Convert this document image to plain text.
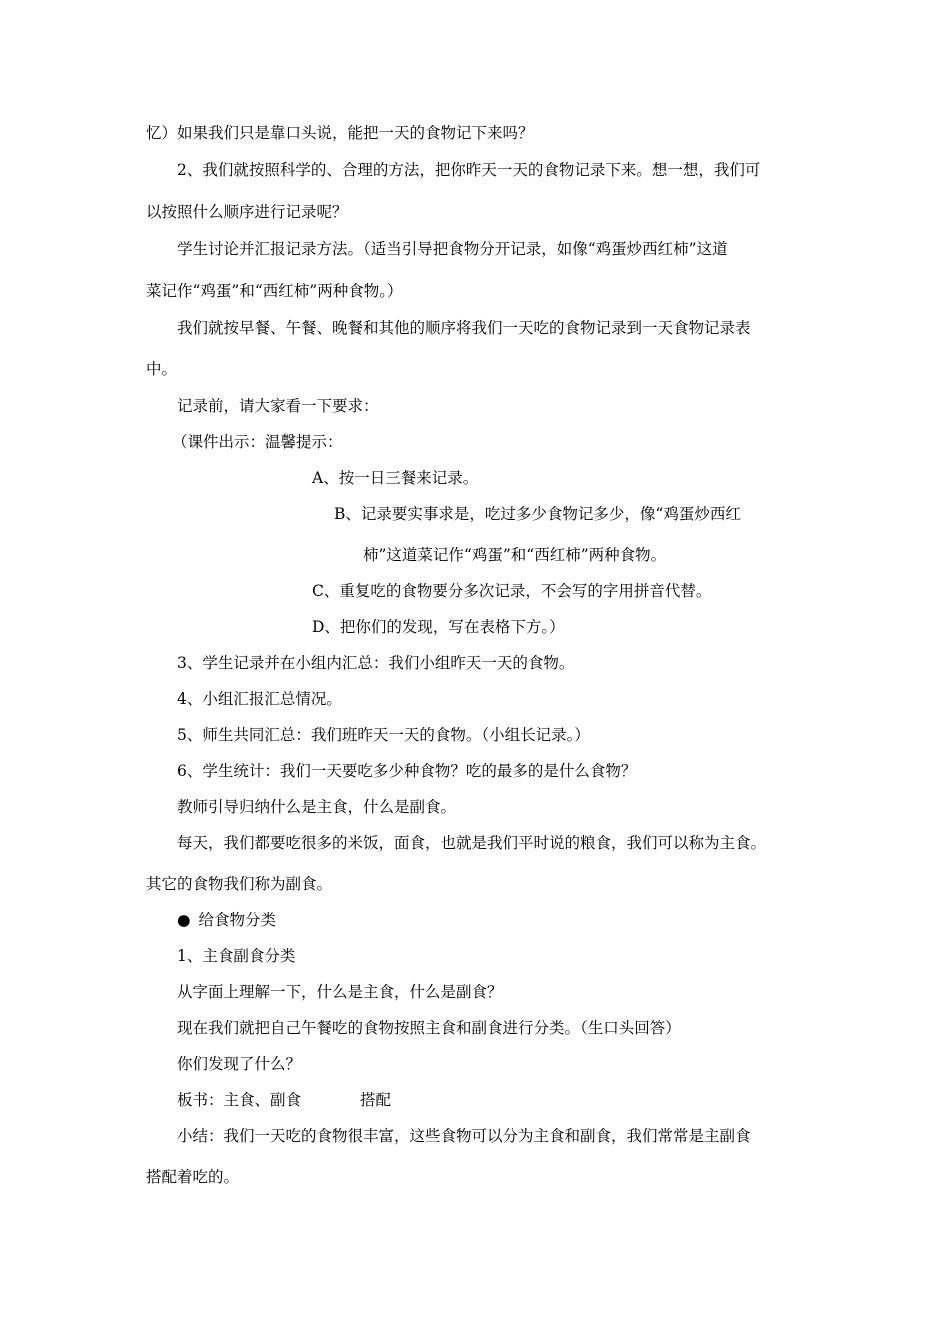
忆）如果我们只是靠口头说，能把一天的食物记下来吗？
2、我们就按照科学的、合理的方法，把你昨天一天的食物记录下来。想一想，我们可
以按照什么顺序进行记录呢？
学生讨论并汇报记录方法。（适当引导把食物分开记录，如像“鸡蛋炒西红柿”这道
菜记作“鸡蛋”和“西红柿”两种食物。）
我们就按早餐、午餐、晚餐和其他的顺序将我们一天吃的食物记录到一天食物记录表
中。
记录前，请大家看一下要求：
（课件出示：温馨提示：
A、按一日三餐来记录。
B、记录要实事求是，吃过多少食物记多少，像“鸡蛋炒西红
柿”这道菜记作“鸡蛋”和“西红柿”两种食物。
C、重复吃的食物要分多次记录，不会写的字用拼音代替。
D、把你们的发现，写在表格下方。）
3、学生记录并在小组内汇总：我们小组昨天一天的食物。
4、小组汇报汇总情况。
5、师生共同汇总：我们班昨天一天的食物。（小组长记录。）
6、学生统计：我们一天要吃多少种食物？吃的最多的是什么食物？
教师引导归纳什么是主食，什么是副食。
每天，我们都要吃很多的米饭，面食，也就是我们平时说的粮食，我们可以称为主食。
其它的食物我们称为副食。
● 给食物分类
1、主食副食分类
从字面上理解一下，什么是主食，什么是副食？
现在我们就把自己午餐吃的食物按照主食和副食进行分类。（生口头回答）
你们发现了什么？
板书：主食、副食	搭配
小结：我们一天吃的食物很丰富，这些食物可以分为主食和副食，我们常常是主副食
搭配着吃的。
